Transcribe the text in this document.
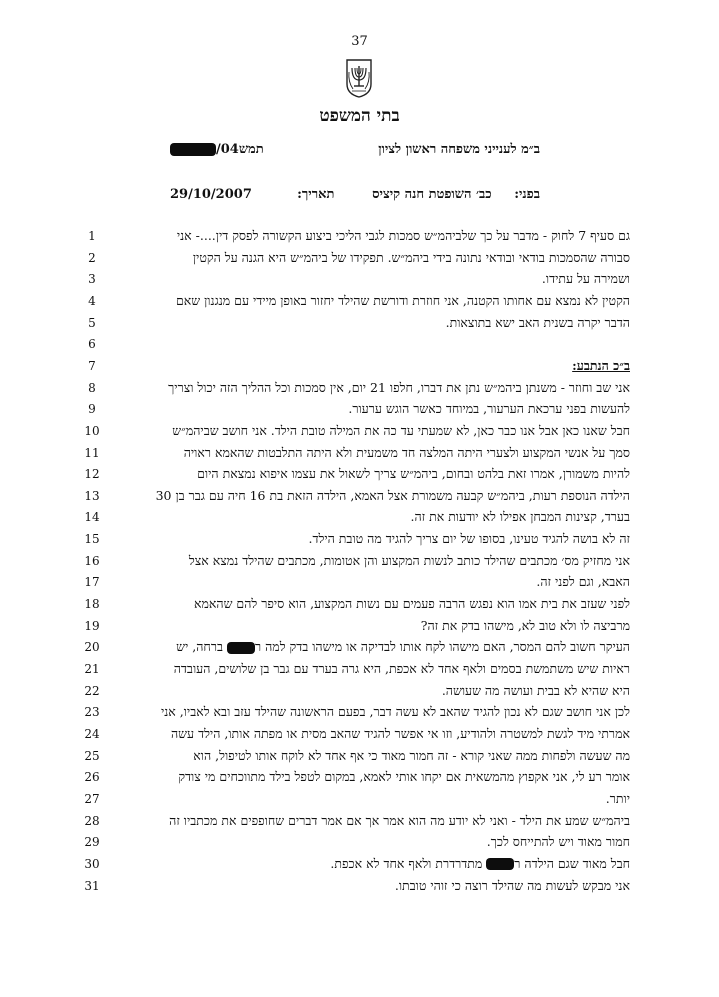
37
בתי המשפט
ב״מ לענייני משפחה ראשון לציון
תמש
/04
בפני:     כב׳ השופטת חנה קיציס
תאריך:          29/10/2007
1	גם סעיף 7 לחוק - מדבר על כך שלביהמ״ש סמכות לגבי הליכי ביצוע הקשורה לפסק דין....- אני
2	סבורה שהסמכות בודאי ובודאי נתונה בידי ביהמ״ש. תפקידו של ביהמ״ש היא הגנה על הקטין
3	ושמירה על עתידו.
4	הקטין לא נמצא עם אחותו הקטנה, אני חוזרת ודורשת שהילד יחזור באופן מיידי עם מנגנון שאם
5	הדבר יקרה בשנית האב ישא בתוצאות.
6
7	ב״כ הנתבע:
8	אני שב וחוזר - משנתן ביהמ״ש נתן את דברו, חלפו 21 יום, אין סמכות וכל ההליך הזה יכול וצריך
9	להעשות בפני ערכאת הערעור, במיוחד כאשר הוגש ערעור.
10	חבל שאנו כאן אבל אנו כבר כאן, לא שמעתי עד כה את המילה טובת הילד. אני חושב שביהמ״ש
11	סמך על אנשי המקצוע ולצערי היתה המלצה חד משמעית ולא היתה התלבטות שהאמא ראויה
12	להיות משמורן, אמרו זאת בלהט ובחום, ביהמ״ש צריך לשאול את עצמו איפוא נמצאת היום
13	הילדה הנוספת רעות, ביהמ״ש קבעה משמורת אצל האמא, הילדה הזאת בת 16 חיה עם גבר בן 30
14	בערד, קצינות המבחן אפילו לא יודעות את זה.
15	זה לא בושה להגיד טעינו, בסופו של יום צריך להגיד מה טובת הילד.
16	אני מחזיק מס׳ מכתבים שהילד כותב לנשות המקצוע והן אטומות, מכתבים שהילד נמצא אצל
17	האבא, וגם לפני זה.
18	לפני שעזב את בית אמו הוא נפגש הרבה פעמים עם נשות המקצוע, הוא סיפר להם שהאמא
19	מרביצה לו ולא טוב לא, מישהו בדק את זה?
20	העיקר חשוב להם המסר, האם מישהו לקח אותו לבדיקה או מישהו בדק למה ר ברחה, יש
21	ראיות שיש משתמשת בסמים ולאף אחד לא אכפת, היא גרה בערד עם גבר בן שלושים, העובדה
22	היא שהיא לא בבית ועושה מה שעושה.
23	לכן אני חושב שגם לא נכון להגיד שהאב לא עשה דבר, בפעם הראשונה שהילד עזב ובא לאביו, אני
24	אמרתי מיד לגשת למשטרה ולהודיע, וזו אי אפשר להגיד שהאב מסית או מפתה אותו, הילד עשה
25	מה שעשה ולפחות ממה שאני קורא - זה חמור מאוד כי אף אחד לא לוקח אותו לטיפול, הוא
26	אומר רע לי, אני אקפוץ מהמשאית אם יקחו אותי לאמא, במקום לטפל בילד מתווכחים מי צודק
27	יותר.
28	ביהמ״ש שמע את הילד - ואני לא יודע מה הוא אמר אך אם אמר דברים שחופפים את מכתביו זה
29	חמור מאוד ויש להתייחס לכך.
30	חבל מאוד שגם הילדה ר מתדרדרת ולאף אחד לא אכפת.
31	אני מבקש לעשות מה שהילד רוצה כי זוהי טובתו.
